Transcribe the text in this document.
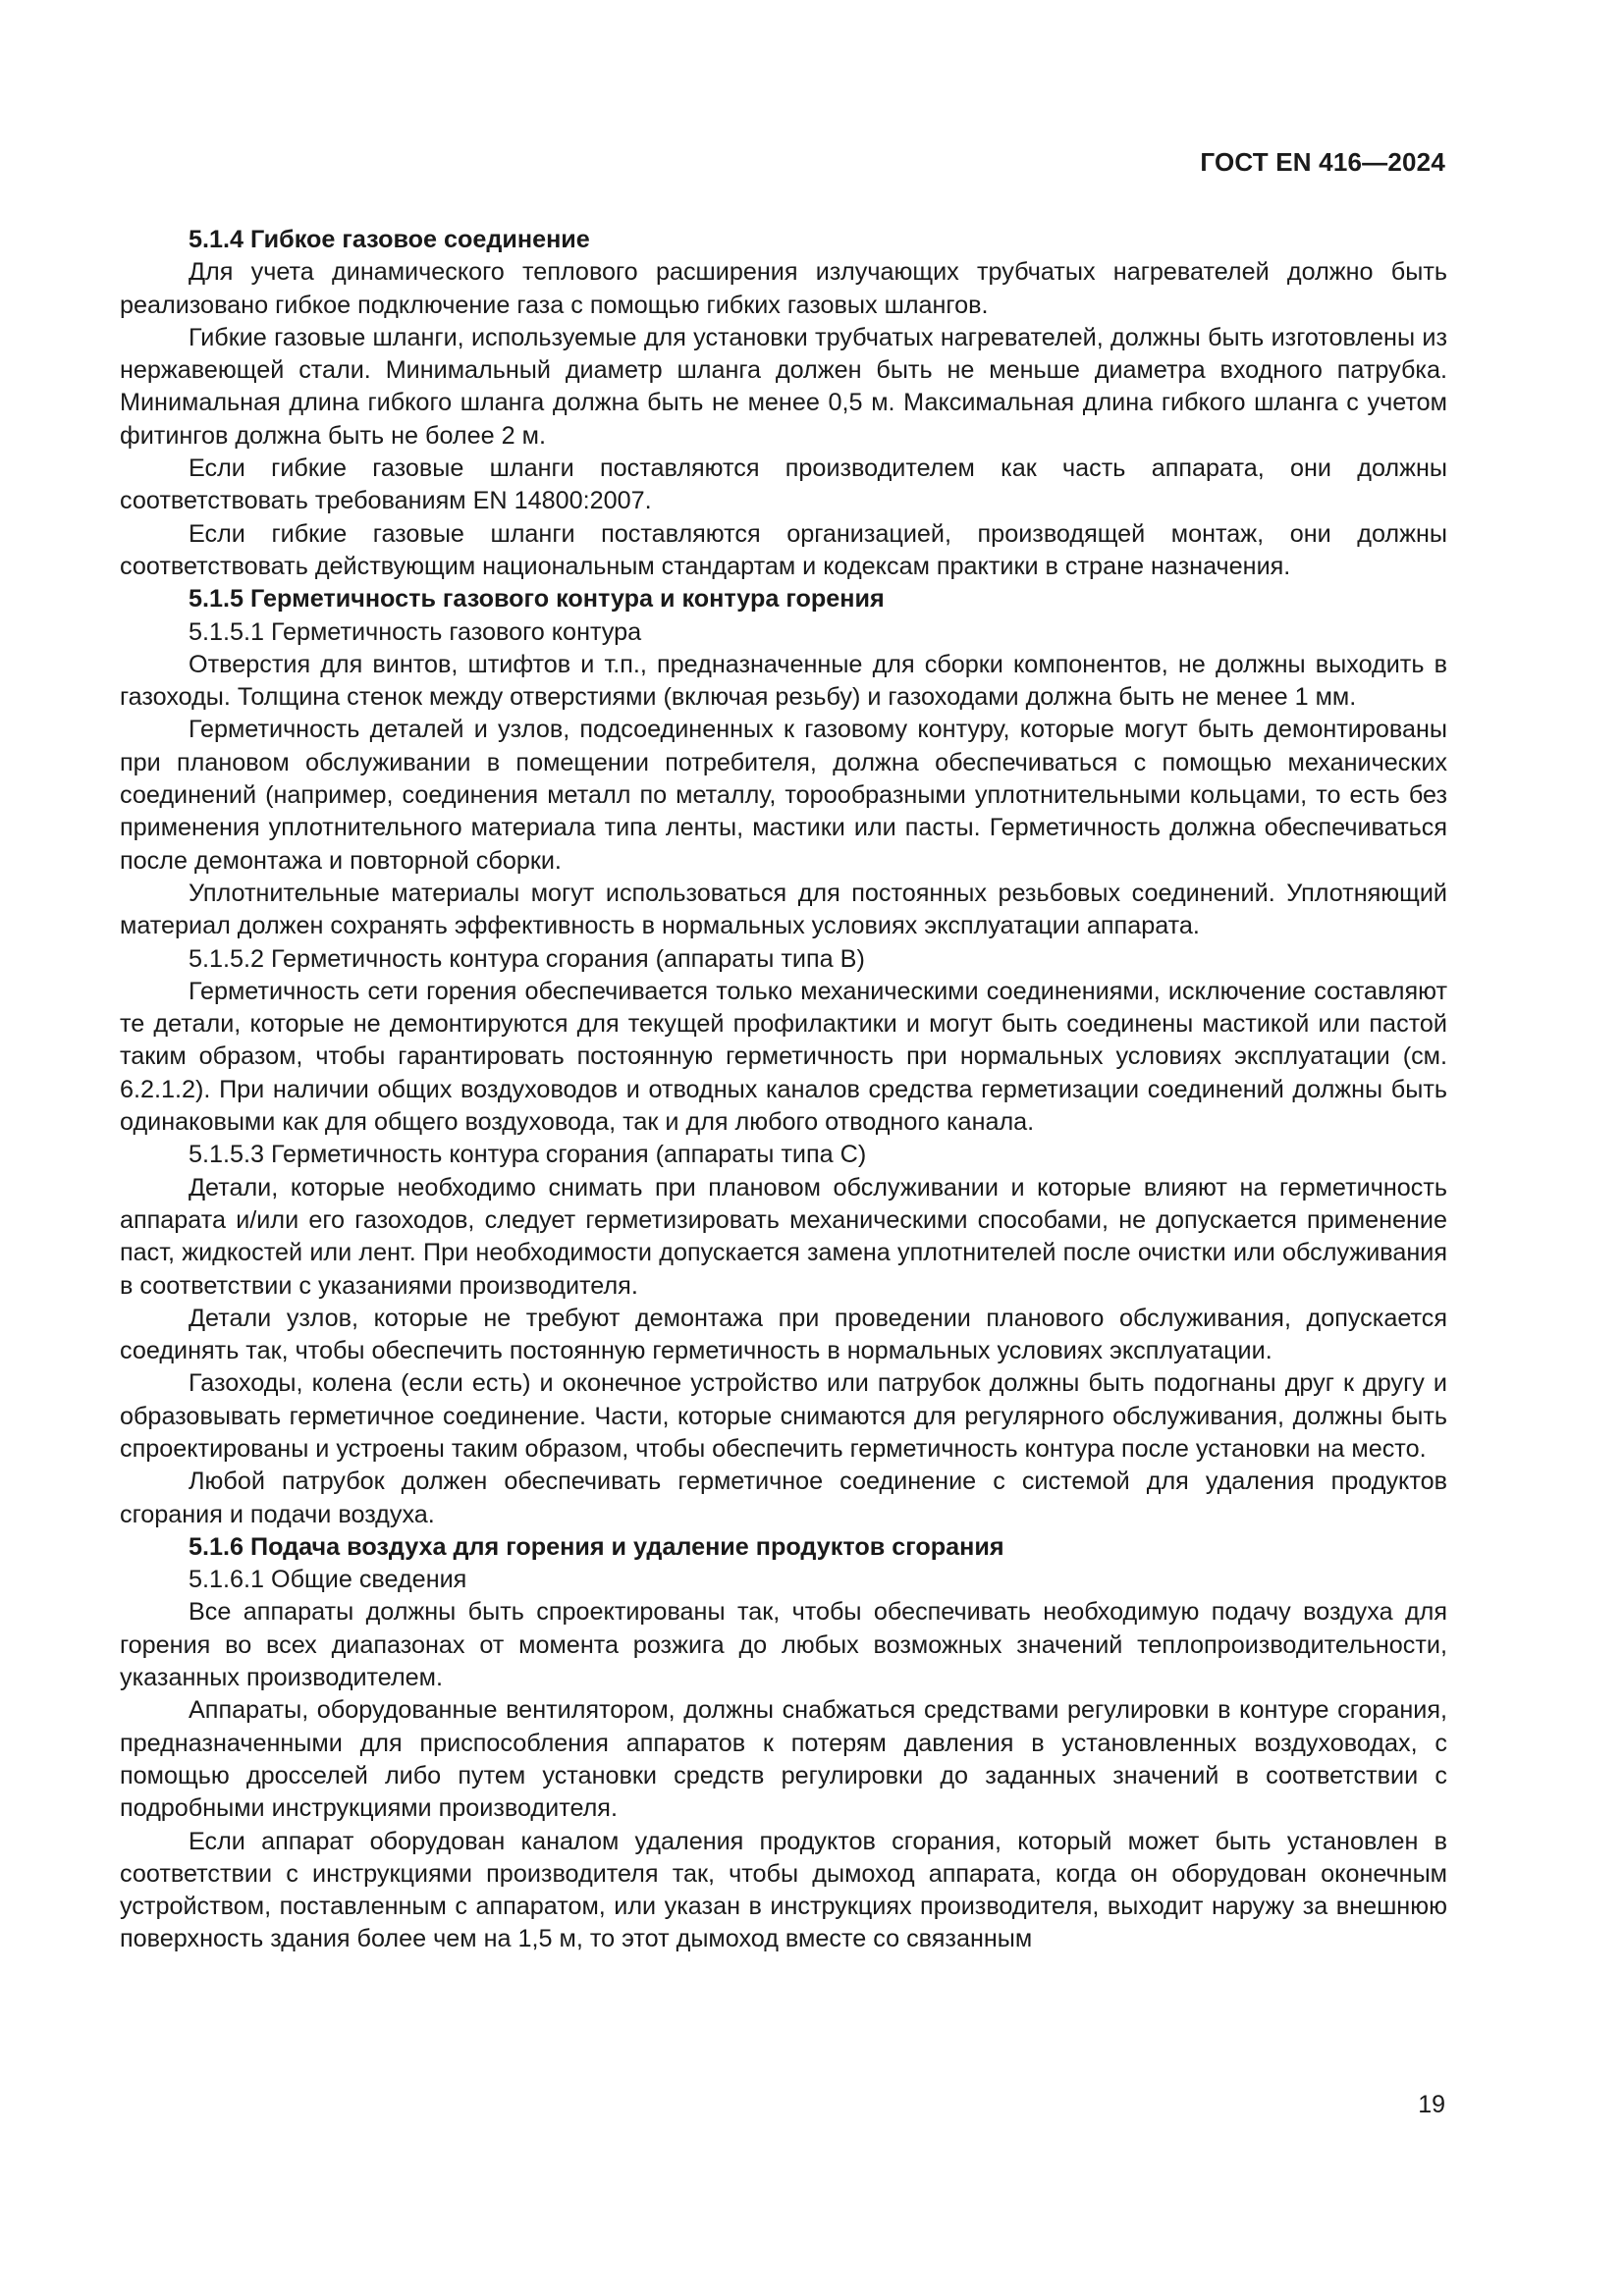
ГОСТ EN 416—2024

5.1.4 Гибкое газовое соединение

Для учета динамического теплового расширения излучающих трубчатых нагревателей должно быть реализовано гибкое подключение газа с помощью гибких газовых шлангов.

Гибкие газовые шланги, используемые для установки трубчатых нагревателей, должны быть изготовлены из нержавеющей стали. Минимальный диаметр шланга должен быть не меньше диаметра входного патрубка. Минимальная длина гибкого шланга должна быть не менее 0,5 м. Максимальная длина гибкого шланга с учетом фитингов должна быть не более 2 м.

Если гибкие газовые шланги поставляются производителем как часть аппарата, они должны соответствовать требованиям EN 14800:2007.

Если гибкие газовые шланги поставляются организацией, производящей монтаж, они должны соответствовать действующим национальным стандартам и кодексам практики в стране назначения.

5.1.5 Герметичность газового контура и контура горения

5.1.5.1 Герметичность газового контура

Отверстия для винтов, штифтов и т.п., предназначенные для сборки компонентов, не должны выходить в газоходы. Толщина стенок между отверстиями (включая резьбу) и газоходами должна быть не менее 1 мм.

Герметичность деталей и узлов, подсоединенных к газовому контуру, которые могут быть демонтированы при плановом обслуживании в помещении потребителя, должна обеспечиваться с помощью механических соединений (например, соединения металл по металлу, торообразными уплотнительными кольцами, то есть без применения уплотнительного материала типа ленты, мастики или пасты. Герметичность должна обеспечиваться после демонтажа и повторной сборки.

Уплотнительные материалы могут использоваться для постоянных резьбовых соединений. Уплотняющий материал должен сохранять эффективность в нормальных условиях эксплуатации аппарата.

5.1.5.2 Герметичность контура сгорания (аппараты типа B)

Герметичность сети горения обеспечивается только механическими соединениями, исключение составляют те детали, которые не демонтируются для текущей профилактики и могут быть соединены мастикой или пастой таким образом, чтобы гарантировать постоянную герметичность при нормальных условиях эксплуатации (см. 6.2.1.2). При наличии общих воздуховодов и отводных каналов средства герметизации соединений должны быть одинаковыми как для общего воздуховода, так и для любого отводного канала.

5.1.5.3 Герметичность контура сгорания (аппараты типа C)

Детали, которые необходимо снимать при плановом обслуживании и которые влияют на герметичность аппарата и/или его газоходов, следует герметизировать механическими способами, не допускается применение паст, жидкостей или лент. При необходимости допускается замена уплотнителей после очистки или обслуживания в соответствии с указаниями производителя.

Детали узлов, которые не требуют демонтажа при проведении планового обслуживания, допускается соединять так, чтобы обеспечить постоянную герметичность в нормальных условиях эксплуатации.

Газоходы, колена (если есть) и оконечное устройство или патрубок должны быть подогнаны друг к другу и образовывать герметичное соединение. Части, которые снимаются для регулярного обслуживания, должны быть спроектированы и устроены таким образом, чтобы обеспечить герметичность контура после установки на место.

Любой патрубок должен обеспечивать герметичное соединение с системой для удаления продуктов сгорания и подачи воздуха.

5.1.6 Подача воздуха для горения и удаление продуктов сгорания

5.1.6.1 Общие сведения

Все аппараты должны быть спроектированы так, чтобы обеспечивать необходимую подачу воздуха для горения во всех диапазонах от момента розжига до любых возможных значений теплопроизводительности, указанных производителем.

Аппараты, оборудованные вентилятором, должны снабжаться средствами регулировки в контуре сгорания, предназначенными для приспособления аппаратов к потерям давления в установленных воздуховодах, с помощью дросселей либо путем установки средств регулировки до заданных значений в соответствии с подробными инструкциями производителя.

Если аппарат оборудован каналом удаления продуктов сгорания, который может быть установлен в соответствии с инструкциями производителя так, чтобы дымоход аппарата, когда он оборудован оконечным устройством, поставленным с аппаратом, или указан в инструкциях производителя, выходит наружу за внешнюю поверхность здания более чем на 1,5 м, то этот дымоход вместе со связанным

19
